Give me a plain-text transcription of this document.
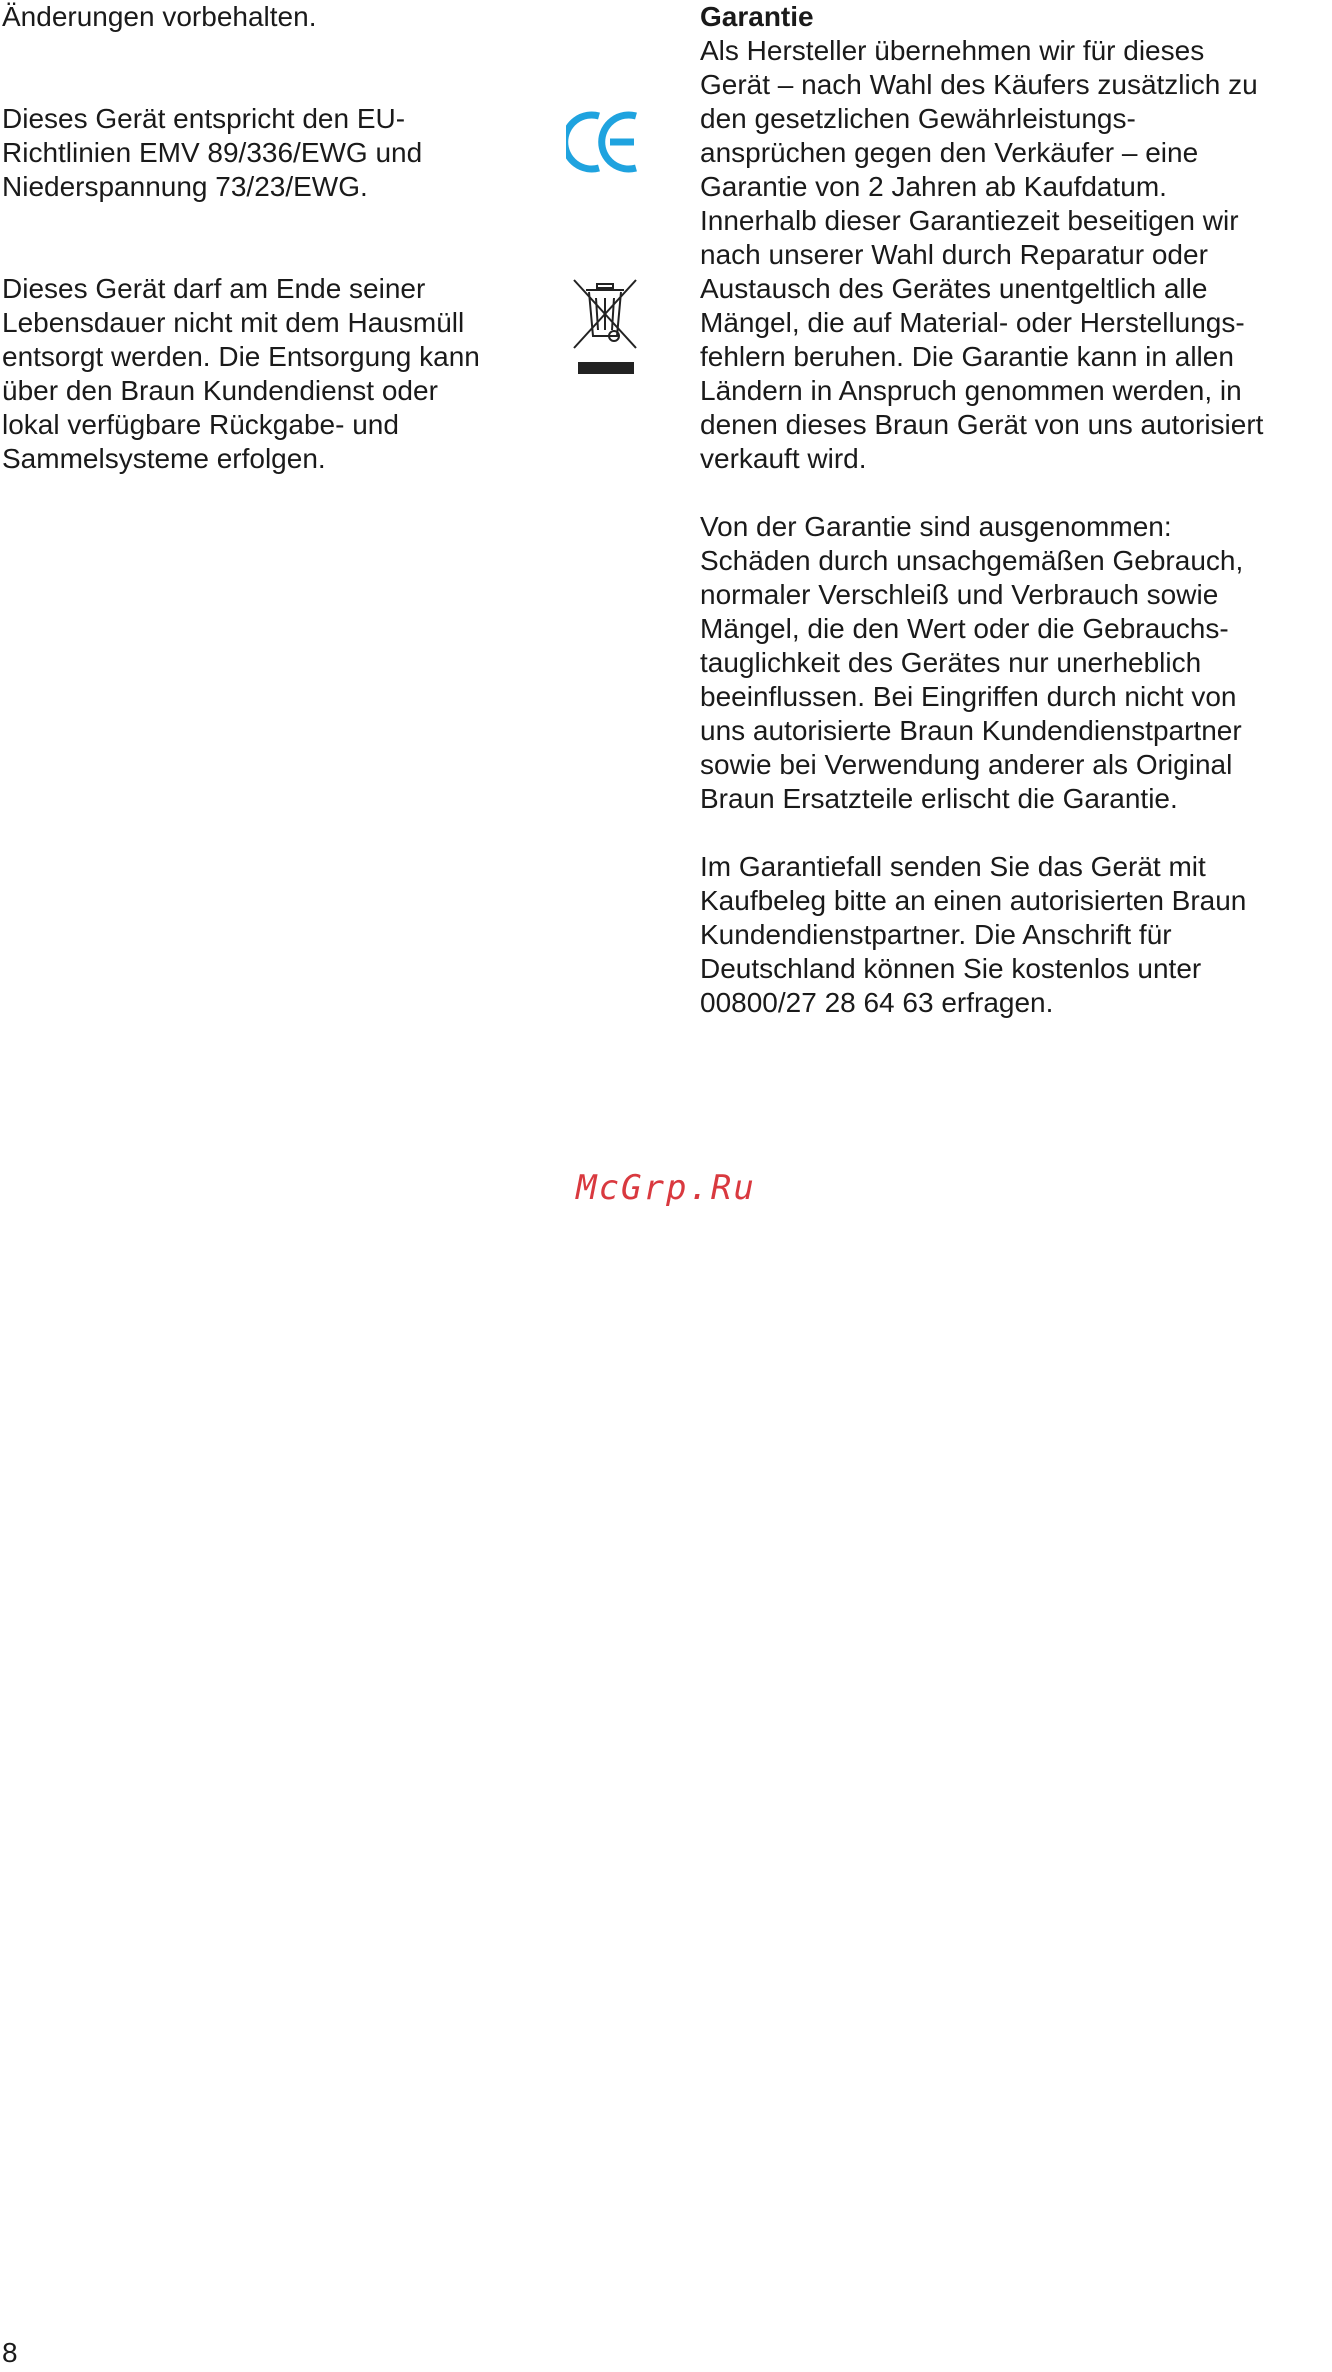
Änderungen vorbehalten.

Dieses Gerät entspricht den EU-
Richtlinien EMV 89/336/EWG und
Niederspannung 73/23/EWG.

Dieses Gerät darf am Ende seiner
Lebensdauer nicht mit dem Hausmüll
entsorgt werden. Die Entsorgung kann
über den Braun Kundendienst oder
lokal verfügbare Rückgabe- und
Sammelsysteme erfolgen.

Garantie

Als Hersteller übernehmen wir für dieses
Gerät – nach Wahl des Käufers zusätzlich zu
den gesetzlichen Gewährleistungs-
ansprüchen gegen den Verkäufer – eine
Garantie von 2 Jahren ab Kaufdatum.
Innerhalb dieser Garantiezeit beseitigen wir
nach unserer Wahl durch Reparatur oder
Austausch des Gerätes unentgeltlich alle
Mängel, die auf Material- oder Herstellungs-
fehlern beruhen. Die Garantie kann in allen
Ländern in Anspruch genommen werden, in
denen dieses Braun Gerät von uns autorisiert
verkauft wird.

Von der Garantie sind ausgenommen:
Schäden durch unsachgemäßen Gebrauch,
normaler Verschleiß und Verbrauch sowie
Mängel, die den Wert oder die Gebrauchs-
tauglichkeit des Gerätes nur unerheblich
beeinflussen. Bei Eingriffen durch nicht von
uns autorisierte Braun Kundendienstpartner
sowie bei Verwendung anderer als Original
Braun Ersatzteile erlischt die Garantie.

Im Garantiefall senden Sie das Gerät mit
Kaufbeleg bitte an einen autorisierten Braun
Kundendienstpartner. Die Anschrift für
Deutschland können Sie kostenlos unter
00800/27 28 64 63 erfragen.

McGrp.Ru
8
